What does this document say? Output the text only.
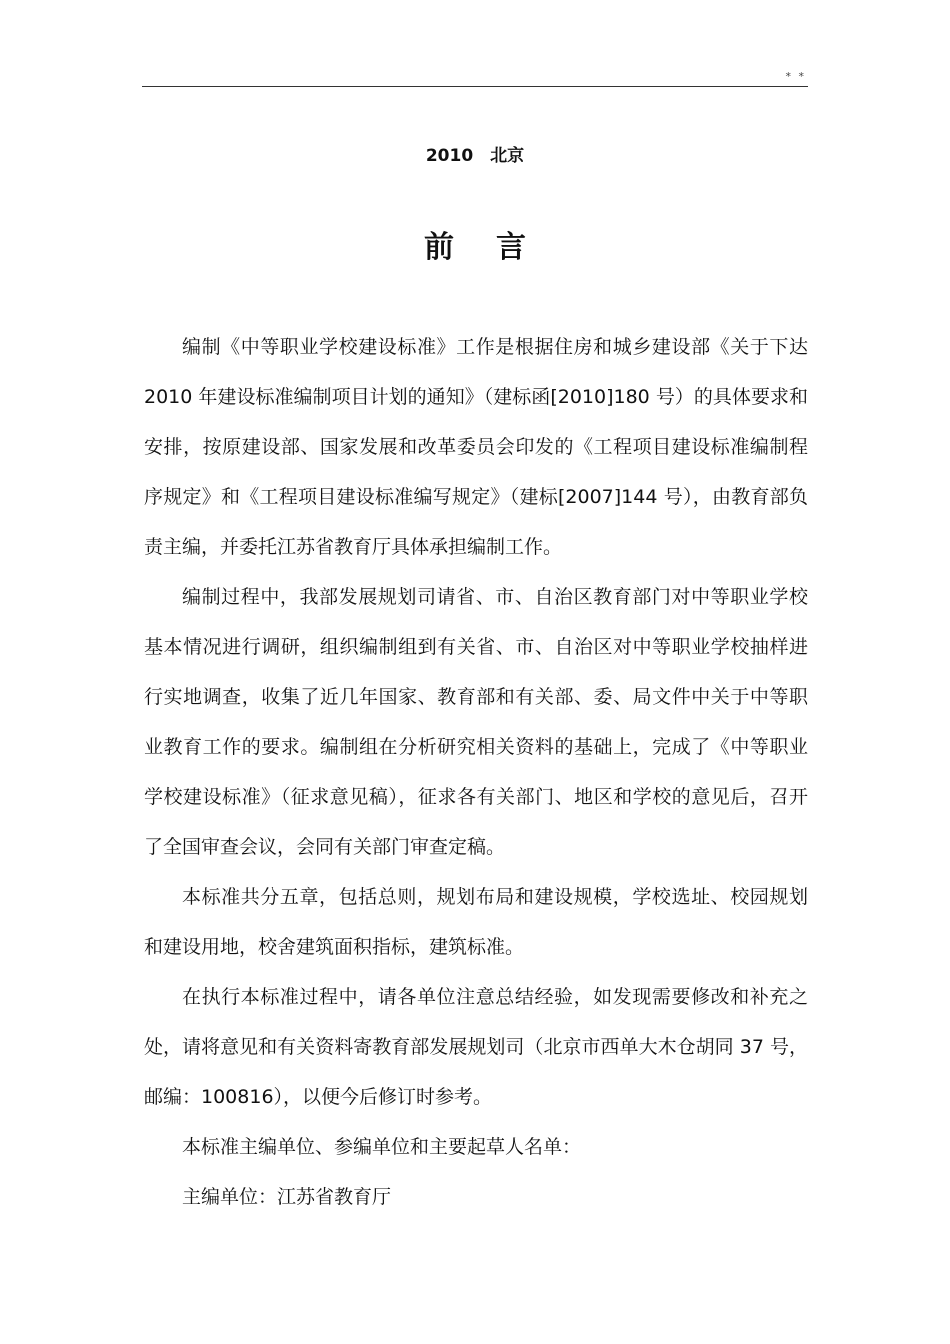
* *
2010　北京
前言

编制《中等职业学校建设标准》工作是根据住房和城乡建设部《关于下达2010 年建设标准编制项目计划的通知》（建标函[2010]180 号）的具体要求和安排，按原建设部、国家发展和改革委员会印发的《工程项目建设标准编制程序规定》和《工程项目建设标准编写规定》（建标[2007]144 号），由教育部负责主编，并委托江苏省教育厅具体承担编制工作。

编制过程中，我部发展规划司请省、市、自治区教育部门对中等职业学校基本情况进行调研，组织编制组到有关省、市、自治区对中等职业学校抽样进行实地调查，收集了近几年国家、教育部和有关部、委、局文件中关于中等职业教育工作的要求。编制组在分析研究相关资料的基础上，完成了《中等职业学校建设标准》（征求意见稿），征求各有关部门、地区和学校的意见后，召开了全国审查会议，会同有关部门审查定稿。

本标准共分五章，包括总则，规划布局和建设规模，学校选址、校园规划和建设用地，校舍建筑面积指标，建筑标准。

在执行本标准过程中，请各单位注意总结经验，如发现需要修改和补充之处，请将意见和有关资料寄教育部发展规划司（北京市西单大木仓胡同 37 号，邮编：100816），以便今后修订时参考。

本标准主编单位、参编单位和主要起草人名单：

主编单位：江苏省教育厅
